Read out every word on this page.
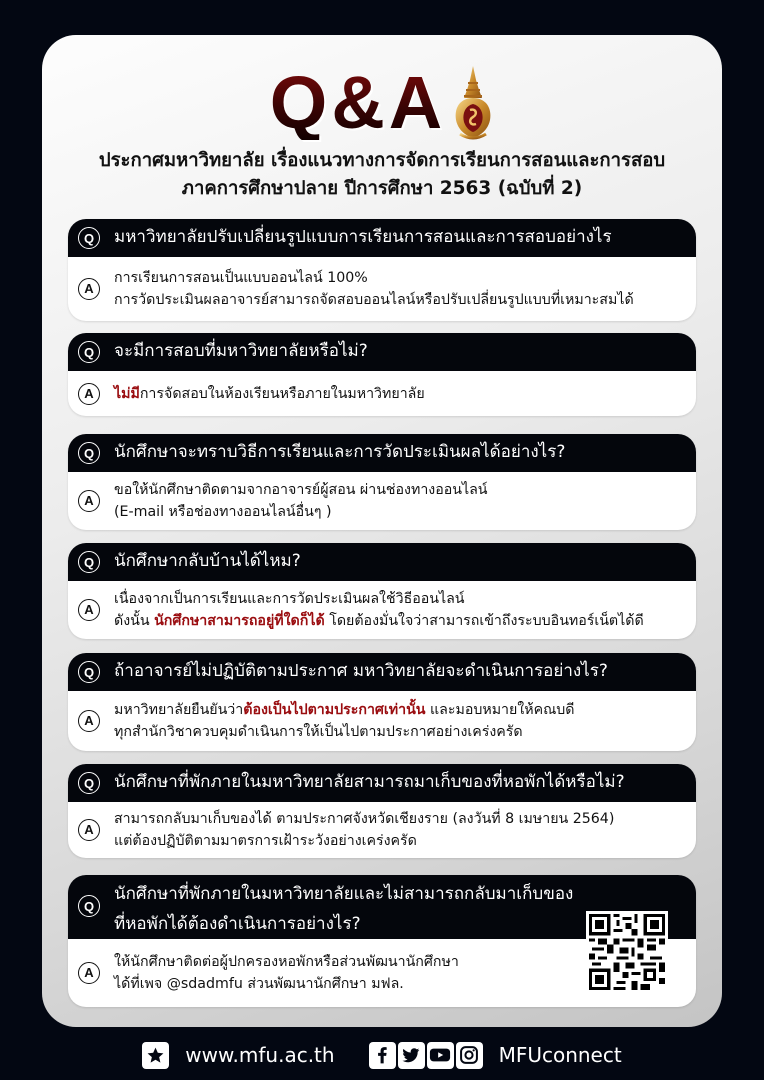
Q&A
ประกาศมหาวิทยาลัย เรื่องแนวทางการจัดการเรียนการสอนและการสอบ
ภาคการศึกษาปลาย ปีการศึกษา 2563 (ฉบับที่ 2)
Q	มหาวิทยาลัยปรับเปลี่ยนรูปแบบการเรียนการสอนและการสอบอย่างไร
A
การเรียนการสอนเป็นแบบออนไลน์ 100%
การวัดประเมินผลอาจารย์สามารถจัดสอบออนไลน์หรือปรับเปลี่ยนรูปแบบที่เหมาะสมได้
Q	จะมีการสอบที่มหาวิทยาลัยหรือไม่?
A	ไม่มีการจัดสอบในห้องเรียนหรือภายในมหาวิทยาลัย
Q	นักศึกษาจะทราบวิธีการเรียนและการวัดประเมินผลได้อย่างไร?
A
ขอให้นักศึกษาติดตามจากอาจารย์ผู้สอน ผ่านช่องทางออนไลน์
(E-mail หรือช่องทางออนไลน์อื่นๆ )
Q	นักศึกษากลับบ้านได้ไหม?
A
เนื่องจากเป็นการเรียนและการวัดประเมินผลใช้วิธีออนไลน์
ดังนั้น นักศึกษาสามารถอยู่ที่ใดก็ได้ โดยต้องมั่นใจว่าสามารถเข้าถึงระบบอินทอร์เน็ตได้ดี
Q	ถ้าอาจารย์ไม่ปฏิบัติตามประกาศ มหาวิทยาลัยจะดำเนินการอย่างไร?
A
มหาวิทยาลัยยืนยันว่าต้องเป็นไปตามประกาศเท่านั้น และมอบหมายให้คณบดี
ทุกสำนักวิชาควบคุมดำเนินการให้เป็นไปตามประกาศอย่างเคร่งครัด
Q	นักศึกษาที่พักภายในมหาวิทยาลัยสามารถมาเก็บของที่หอพักได้หรือไม่?
A
สามารถกลับมาเก็บของได้ ตามประกาศจังหวัดเชียงราย (ลงวันที่ 8 เมษายน 2564)
แต่ต้องปฏิบัติตามมาตรการเฝ้าระวังอย่างเคร่งครัด
Q
นักศึกษาที่พักภายในมหาวิทยาลัยและไม่สามารถกลับมาเก็บของ
ที่หอพักได้ต้องดำเนินการอย่างไร?
A
ให้นักศึกษาติดต่อผู้ปกครองหอพักหรือส่วนพัฒนานักศึกษา
ได้ที่เพจ @sdadmfu ส่วนพัฒนานักศึกษา มฟล.
www.mfu.ac.th	MFUconnect
